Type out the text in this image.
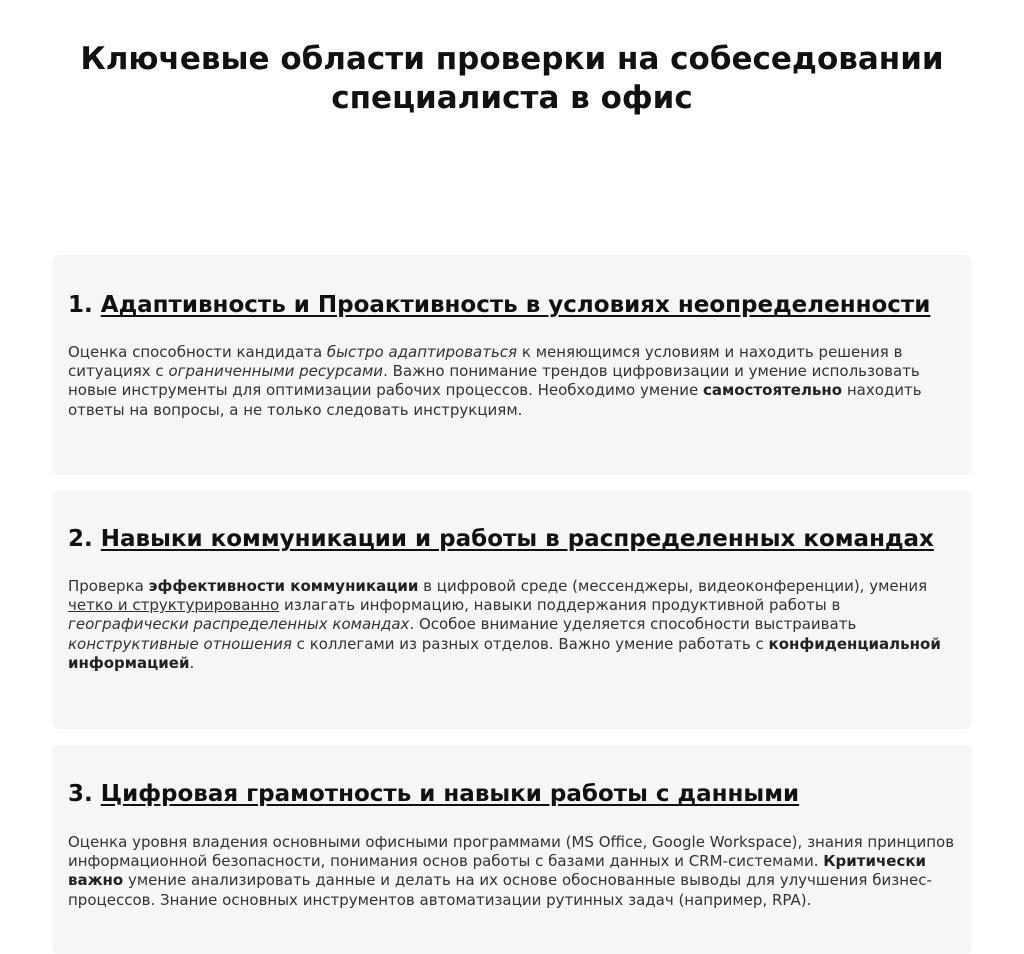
Ключевые области проверки на собеседовании
специалиста в офис
1. Адаптивность и Проактивность в условиях неопределенности

Оценка способности кандидата быстро адаптироваться к меняющимся условиям и находить решения в ситуациях с ограниченными ресурсами. Важно понимание трендов цифровизации и умение использовать новые инструменты для оптимизации рабочих процессов. Необходимо умение самостоятельно находить ответы на вопросы, а не только следовать инструкциям.

2. Навыки коммуникации и работы в распределенных командах

Проверка эффективности коммуникации в цифровой среде (мессенджеры, видеоконференции), умения четко и структурированно излагать информацию, навыки поддержания продуктивной работы в географически распределенных командах. Особое внимание уделяется способности выстраивать конструктивные отношения с коллегами из разных отделов. Важно умение работать с конфиденциальной информацией.

3. Цифровая грамотность и навыки работы с данными

Оценка уровня владения основными офисными программами (MS Office, Google Workspace), знания принципов информационной безопасности, понимания основ работы с базами данных и CRM-системами. Критически важно умение анализировать данные и делать на их основе обоснованные выводы для улучшения бизнес-процессов. Знание основных инструментов автоматизации рутинных задач (например, RPA).
